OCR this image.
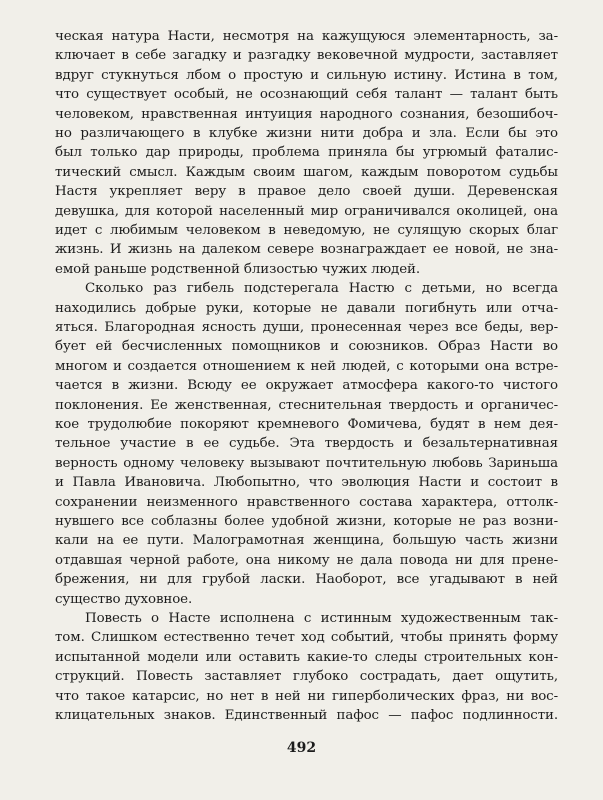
ческая натура Насти, несмотря на кажущуюся элементарность, за-
ключает в себе загадку и разгадку вековечной мудрости, заставляет
вдруг стукнуться лбом о простую и сильную истину. Истина в том,
что существует особый, не осознающий себя талант — талант быть
человеком, нравственная интуиция народного сознания, безошибоч-
но различающего в клубке жизни нити добра и зла. Если бы это
был только дар природы, проблема приняла бы угрюмый фаталис-
тический смысл. Каждым своим шагом, каждым поворотом судьбы
Настя укрепляет веру в правое дело своей души. Деревенская
девушка, для которой населенный мир ограничивался околицей, она
идет с любимым человеком в неведомую, не сулящую скорых благ
жизнь. И жизнь на далеком севере вознаграждает ее новой, не зна-
емой раньше родственной близостью чужих людей.
Сколько раз гибель подстерегала Настю с детьми, но всегда
находились добрые руки, которые не давали погибнуть или отча-
яться. Благородная ясность души, пронесенная через все беды, вер-
бует ей бесчисленных помощников и союзников. Образ Насти во
многом и создается отношением к ней людей, с которыми она встре-
чается в жизни. Всюду ее окружает атмосфера какого-то чистого
поклонения. Ее женственная, стеснительная твердость и органичес-
кое трудолюбие покоряют кремневого Фомичева, будят в нем дея-
тельное участие в ее судьбе. Эта твердость и безальтернативная
верность одному человеку вызывают почтительную любовь Зариньша
и Павла Ивановича. Любопытно, что эволюция Насти и состоит в
сохранении неизменного нравственного состава характера, оттолк-
нувшего все соблазны более удобной жизни, которые не раз возни-
кали на ее пути. Малограмотная женщина, большую часть жизни
отдавшая черной работе, она никому не дала повода ни для прене-
брежения, ни для грубой ласки. Наоборот, все угадывают в ней
существо духовное.
Повесть о Насте исполнена с истинным художественным так-
том. Слишком естественно течет ход событий, чтобы принять форму
испытанной модели или оставить какие-то следы строительных кон-
струкций. Повесть заставляет глубоко сострадать, дает ощутить,
что такое катарсис, но нет в ней ни гиперболических фраз, ни вос-
клицательных знаков. Единственный пафос — пафос подлинности.
492
